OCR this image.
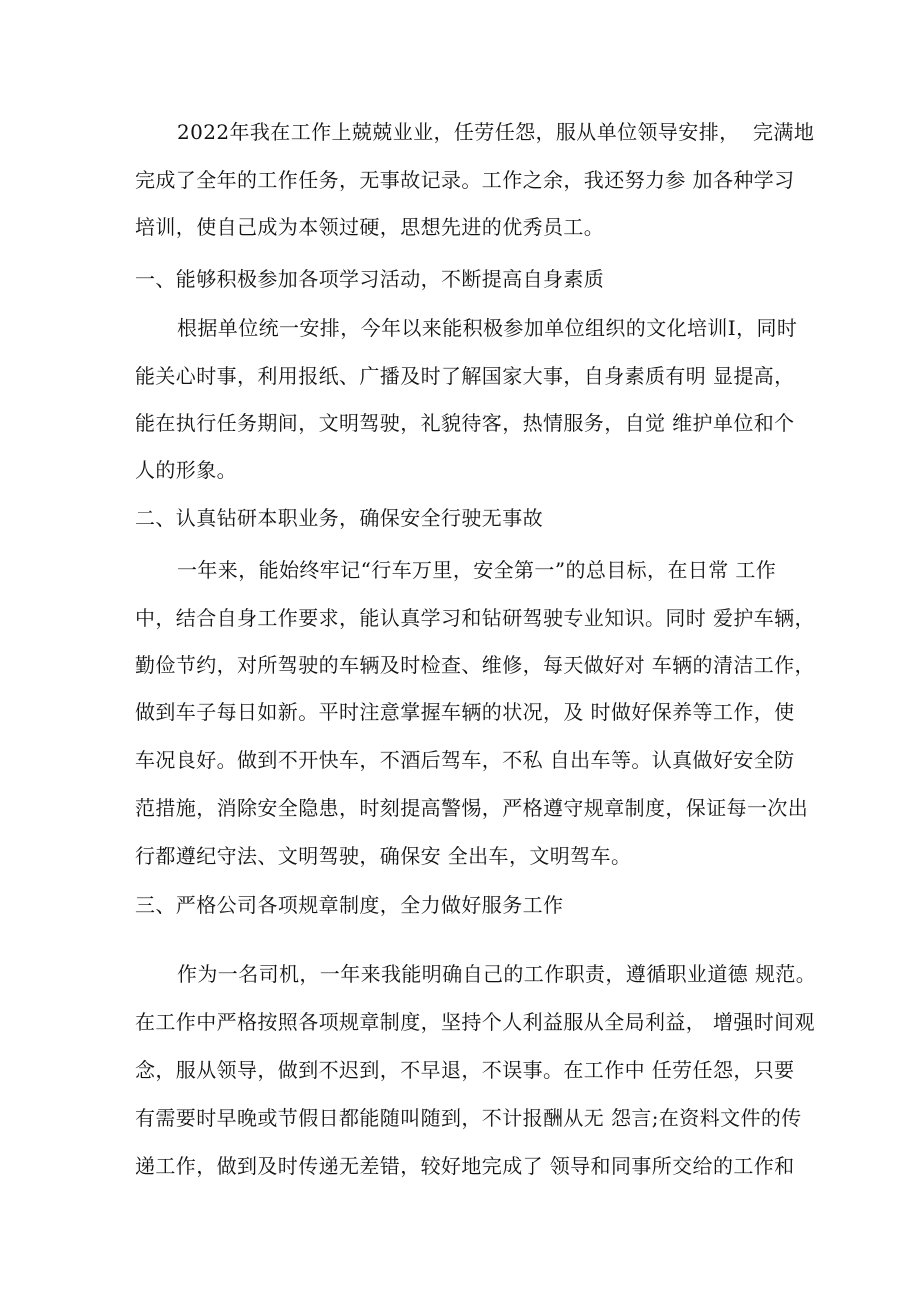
2022年我在工作上兢兢业业，任劳任怨，服从单位领导安排，  完满地
完成了全年的工作任务，无事故记录。工作之余，我还努力参 加各种学习
培训，使自己成为本领过硬，思想先进的优秀员工。
一、能够积极参加各项学习活动，不断提高自身素质
根据单位统一安排，今年以来能积极参加单位组织的文化培训I，同时
能关心时事，利用报纸、广播及时了解国家大事，自身素质有明 显提高，
能在执行任务期间，文明驾驶，礼貌待客，热情服务，自觉 维护单位和个
人的形象。
二、认真钻研本职业务，确保安全行驶无事故
一年来，能始终牢记“行车万里，安全第一”的总目标，在日常 工作
中，结合自身工作要求，能认真学习和钻研驾驶专业知识。同时 爱护车辆，
勤俭节约，对所驾驶的车辆及时检查、维修，每天做好对 车辆的清洁工作，
做到车子每日如新。平时注意掌握车辆的状况，及 时做好保养等工作，使
车况良好。做到不开快车，不酒后驾车，不私 自出车等。认真做好安全防
范措施，消除安全隐患，时刻提高警惕，严格遵守规章制度，保证每一次出
行都遵纪守法、文明驾驶，确保安 全出车，文明驾车。
三、严格公司各项规章制度，全力做好服务工作
作为一名司机，一年来我能明确自己的工作职责，遵循职业道德 规范。
在工作中严格按照各项规章制度，坚持个人利益服从全局利益， 增强时间观
念，服从领导，做到不迟到，不早退，不误事。在工作中 任劳任怨，只要
有需要时早晚或节假日都能随叫随到，不计报酬从无 怨言;在资料文件的传
递工作，做到及时传递无差错，较好地完成了 领导和同事所交给的工作和
